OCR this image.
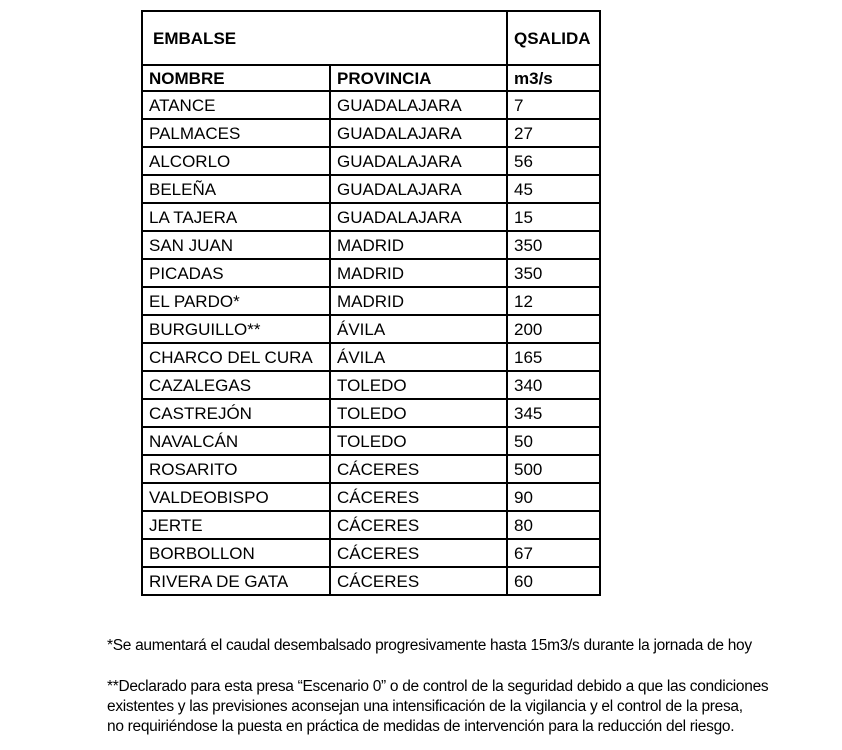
EMBALSE		QSALIDA
NOMBRE	PROVINCIA	m3/s
ATANCE	GUADALAJARA	7
PALMACES	GUADALAJARA	27
ALCORLO	GUADALAJARA	56
BELEÑA	GUADALAJARA	45
LA TAJERA	GUADALAJARA	15
SAN JUAN	MADRID	350
PICADAS	MADRID	350
EL PARDO*	MADRID	12
BURGUILLO**	ÁVILA	200
CHARCO DEL CURA	ÁVILA	165
CAZALEGAS	TOLEDO	340
CASTREJÓN	TOLEDO	345
NAVALCÁN	TOLEDO	50
ROSARITO	CÁCERES	500
VALDEOBISPO	CÁCERES	90
JERTE	CÁCERES	80
BORBOLLON	CÁCERES	67
RIVERA DE GATA	CÁCERES	60

*Se aumentará el caudal desembalsado progresivamente hasta 15m3/s durante la jornada de hoy

**Declarado para esta presa “Escenario 0” o de control de la seguridad debido a que las condiciones

existentes y las previsiones aconsejan una intensificación de la vigilancia y el control de la presa,

no requiriéndose la puesta en práctica de medidas de intervención para la reducción del riesgo.
